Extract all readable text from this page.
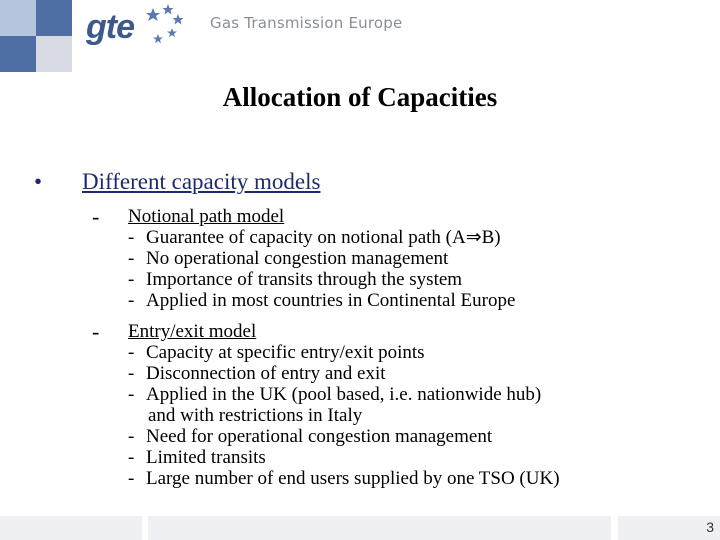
gte	Gas Transmission Europe
Allocation of Capacities
• Different capacity models
- Notional path model
- Guarantee of capacity on notional path (A⇒B)
- No operational congestion management
- Importance of transits through the system
- Applied in most countries in Continental Europe
- Entry/exit model
- Capacity at specific entry/exit points
- Disconnection of entry and exit
- Applied in the UK (pool based, i.e. nationwide hub)
and with restrictions in Italy
- Need for operational congestion management
- Limited transits
- Large number of end users supplied by one TSO (UK)
3
